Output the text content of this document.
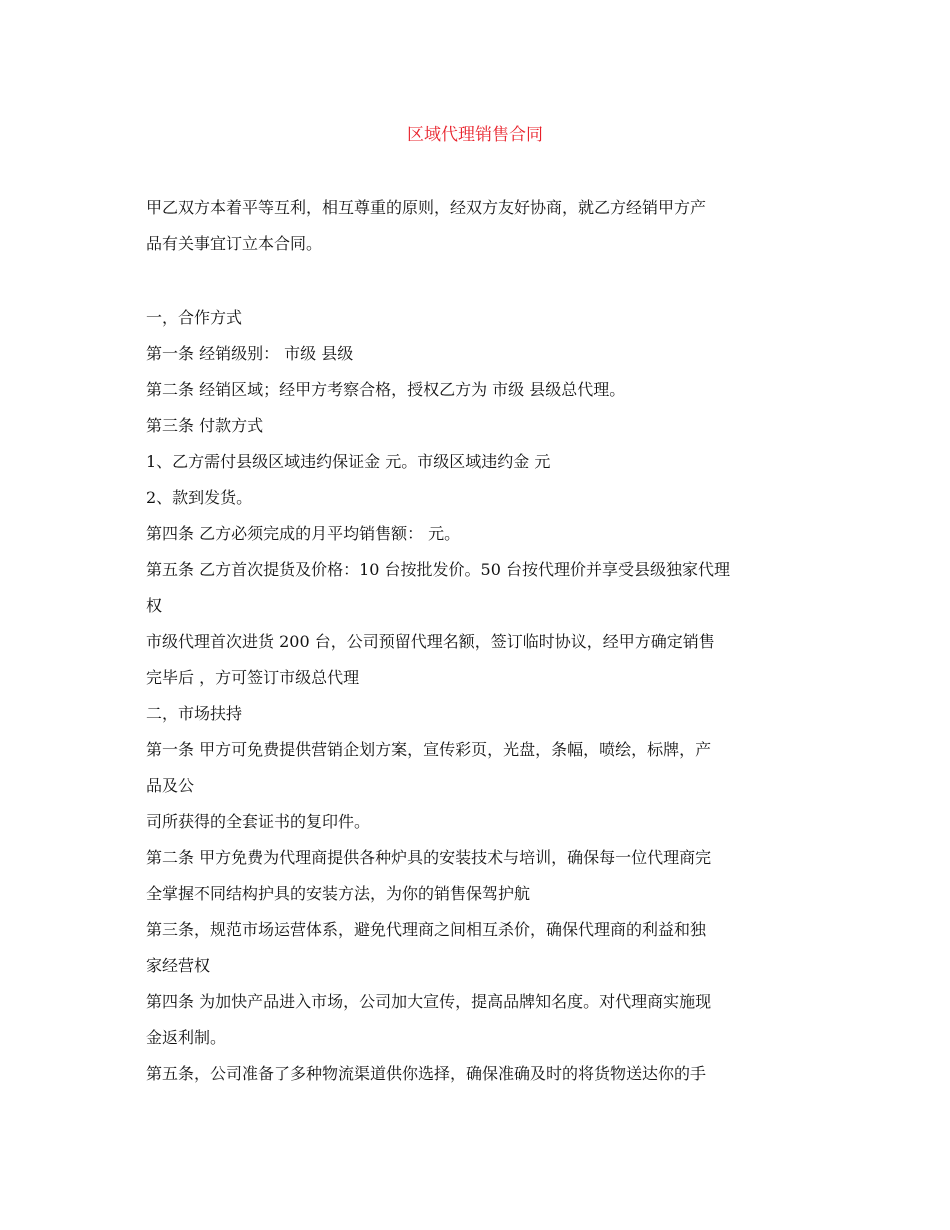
区域代理销售合同
甲乙双方本着平等互利，相互尊重的原则，经双方友好协商，就乙方经销甲方产
品有关事宜订立本合同。
一，合作方式
第一条 经销级别： 市级 县级
第二条 经销区域；经甲方考察合格，授权乙方为 市级 县级总代理。
第三条 付款方式
1、乙方需付县级区域违约保证金 元。市级区域违约金 元
2、款到发货。
第四条 乙方必须完成的月平均销售额： 元。
第五条 乙方首次提货及价格：10 台按批发价。50 台按代理价并享受县级独家代理
权
市级代理首次进货 200 台，公司预留代理名额，签订临时协议，经甲方确定销售
完毕后 ，方可签订市级总代理
二，市场扶持
第一条 甲方可免费提供营销企划方案，宣传彩页，光盘，条幅，喷绘，标牌，产
品及公
司所获得的全套证书的复印件。
第二条 甲方免费为代理商提供各种炉具的安装技术与培训，确保每一位代理商完
全掌握不同结构护具的安装方法，为你的销售保驾护航
第三条，规范市场运营体系，避免代理商之间相互杀价，确保代理商的利益和独
家经营权
第四条 为加快产品进入市场，公司加大宣传，提高品牌知名度。对代理商实施现
金返利制。
第五条，公司准备了多种物流渠道供你选择，确保准确及时的将货物送达你的手
